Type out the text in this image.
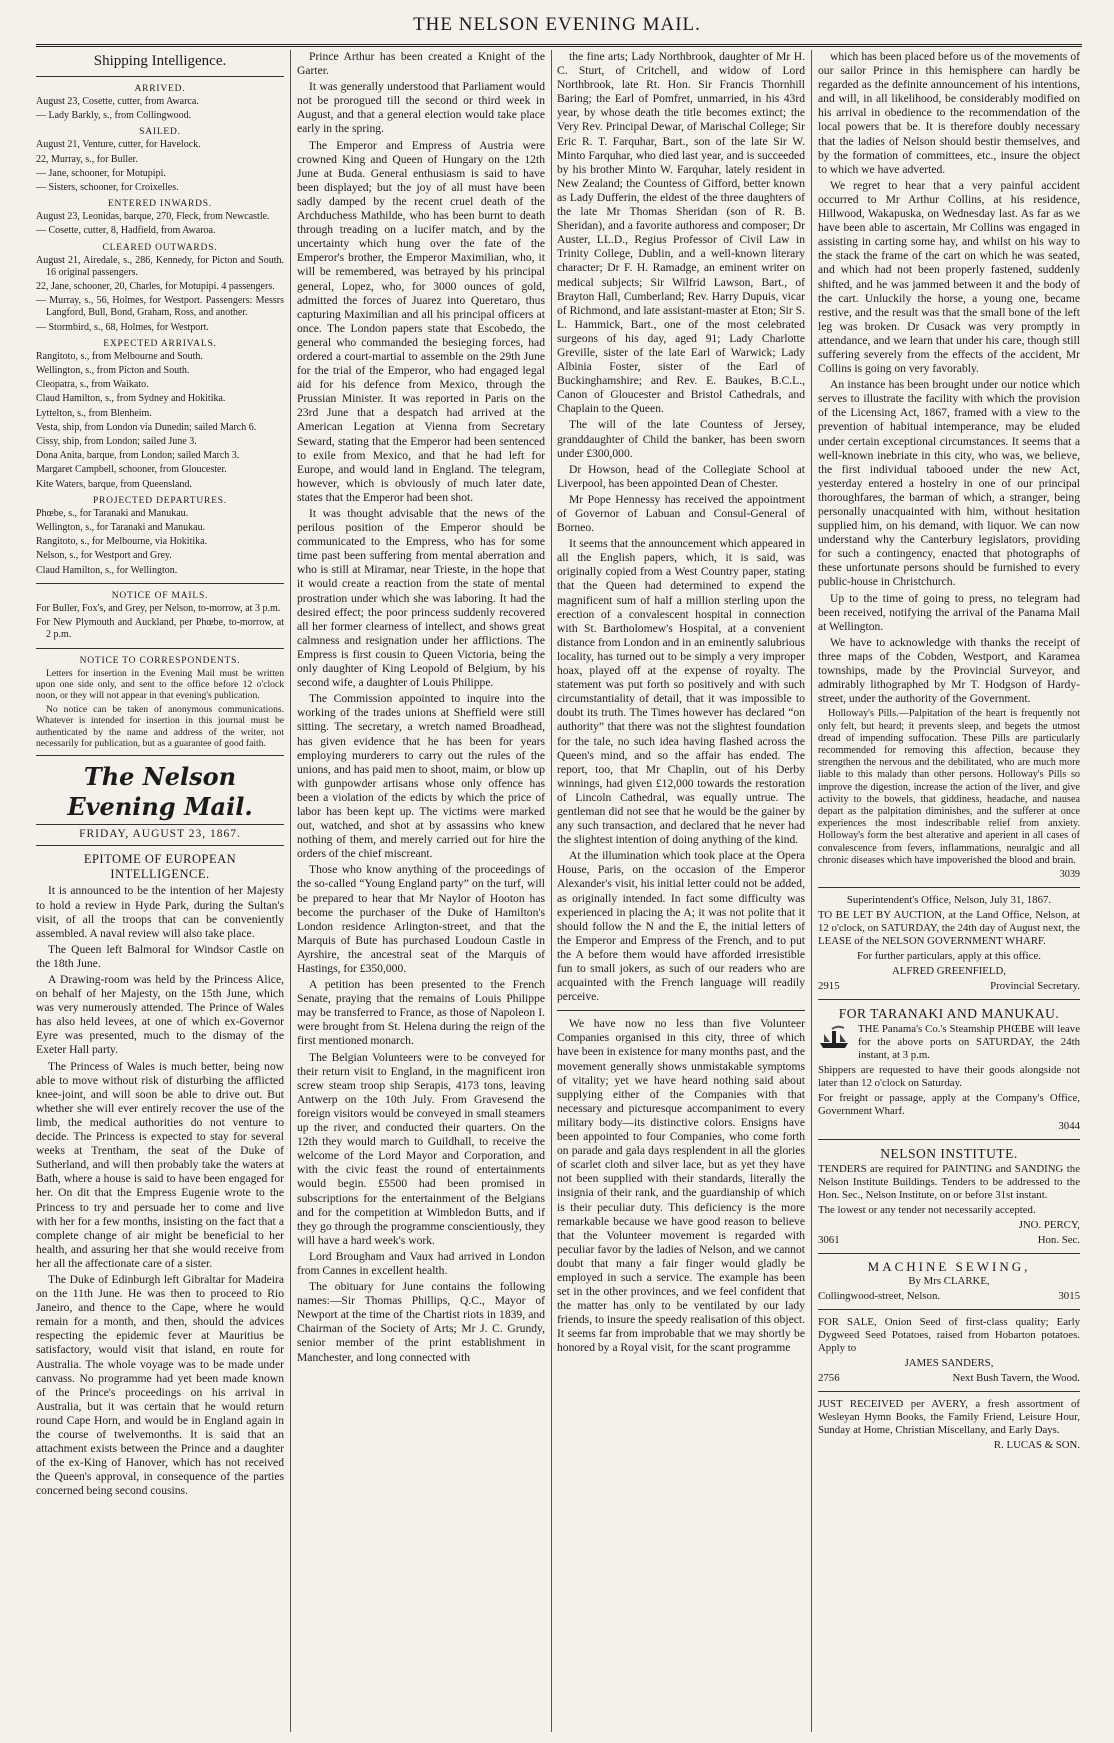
THE NELSON EVENING MAIL.
Shipping Intelligence.
ARRIVED.

August 23, Cosette, cutter, from Awarca.

— Lady Barkly, s., from Collingwood.

SAILED.

August 21, Venture, cutter, for Havelock.

22, Murray, s., for Buller.

— Jane, schooner, for Motupipi.

— Sisters, schooner, for Croixelles.

ENTERED INWARDS.

August 23, Leonidas, barque, 270, Fleck, from Newcastle.

— Cosette, cutter, 8, Hadfield, from Awaroa.

CLEARED OUTWARDS.

August 21, Airedale, s., 286, Kennedy, for Picton and South. 16 original passengers.

22, Jane, schooner, 20, Charles, for Motupipi. 4 passengers.

— Murray, s., 56, Holmes, for Westport. Passengers: Messrs Langford, Bull, Bond, Graham, Ross, and another.

— Stormbird, s., 68, Holmes, for Westport.

EXPECTED ARRIVALS.

Rangitoto, s., from Melbourne and South.

Wellington, s., from Picton and South.

Cleopatra, s., from Waikato.

Claud Hamilton, s., from Sydney and Hokitika.

Lyttelton, s., from Blenheim.

Vesta, ship, from London via Dunedin; sailed March 6.

Cissy, ship, from London; sailed June 3.

Dona Anita, barque, from London; sailed March 3.

Margaret Campbell, schooner, from Gloucester.

Kite Waters, barque, from Queensland.

PROJECTED DEPARTURES.

Phœbe, s., for Taranaki and Manukau.

Wellington, s., for Taranaki and Manukau.

Rangitoto, s., for Melbourne, via Hokitika.

Nelson, s., for Westport and Grey.

Claud Hamilton, s., for Wellington.

NOTICE OF MAILS.

For Buller, Fox's, and Grey, per Nelson, to-morrow, at 3 p.m.

For New Plymouth and Auckland, per Phœbe, to-morrow, at 2 p.m.

NOTICE TO CORRESPONDENTS.

Letters for insertion in the Evening Mail must be written upon one side only, and sent to the office before 12 o'clock noon, or they will not appear in that evening's publication.

No notice can be taken of anonymous communications. Whatever is intended for insertion in this journal must be authenticated by the name and address of the writer, not necessarily for publication, but as a guarantee of good faith.

The Nelson Evening Mail.
FRIDAY, AUGUST 23, 1867.
EPITOME OF EUROPEAN INTELLIGENCE.

It is announced to be the intention of her Majesty to hold a review in Hyde Park, during the Sultan's visit, of all the troops that can be conveniently assembled. A naval review will also take place.

The Queen left Balmoral for Windsor Castle on the 18th June.

A Drawing-room was held by the Princess Alice, on behalf of her Majesty, on the 15th June, which was very numerously attended. The Prince of Wales has also held levees, at one of which ex-Governor Eyre was presented, much to the dismay of the Exeter Hall party.

The Princess of Wales is much better, being now able to move without risk of disturbing the afflicted knee-joint, and will soon be able to drive out. But whether she will ever entirely recover the use of the limb, the medical authorities do not venture to decide. The Princess is expected to stay for several weeks at Trentham, the seat of the Duke of Sutherland, and will then probably take the waters at Bath, where a house is said to have been engaged for her. On dit that the Empress Eugenie wrote to the Princess to try and persuade her to come and live with her for a few months, insisting on the fact that a complete change of air might be beneficial to her health, and assuring her that she would receive from her all the affectionate care of a sister.

The Duke of Edinburgh left Gibraltar for Madeira on the 11th June. He was then to proceed to Rio Janeiro, and thence to the Cape, where he would remain for a month, and then, should the advices respecting the epidemic fever at Mauritius be satisfactory, would visit that island, en route for Australia. The whole voyage was to be made under canvass. No programme had yet been made known of the Prince's proceedings on his arrival in Australia, but it was certain that he would return round Cape Horn, and would be in England again in the course of twelvemonths. It is said that an attachment exists between the Prince and a daughter of the ex-King of Hanover, which has not received the Queen's approval, in consequence of the parties concerned being second cousins.

Prince Arthur has been created a Knight of the Garter.

It was generally understood that Parliament would not be prorogued till the second or third week in August, and that a general election would take place early in the spring.

The Emperor and Empress of Austria were crowned King and Queen of Hungary on the 12th June at Buda. General enthusiasm is said to have been displayed; but the joy of all must have been sadly damped by the recent cruel death of the Archduchess Mathilde, who has been burnt to death through treading on a lucifer match, and by the uncertainty which hung over the fate of the Emperor's brother, the Emperor Maximilian, who, it will be remembered, was betrayed by his principal general, Lopez, who, for 3000 ounces of gold, admitted the forces of Juarez into Queretaro, thus capturing Maximilian and all his principal officers at once. The London papers state that Escobedo, the general who commanded the besieging forces, had ordered a court-martial to assemble on the 29th June for the trial of the Emperor, who had engaged legal aid for his defence from Mexico, through the Prussian Minister. It was reported in Paris on the 23rd June that a despatch had arrived at the American Legation at Vienna from Secretary Seward, stating that the Emperor had been sentenced to exile from Mexico, and that he had left for Europe, and would land in England. The telegram, however, which is obviously of much later date, states that the Emperor had been shot.

It was thought advisable that the news of the perilous position of the Emperor should be communicated to the Empress, who has for some time past been suffering from mental aberration and who is still at Miramar, near Trieste, in the hope that it would create a reaction from the state of mental prostration under which she was laboring. It had the desired effect; the poor princess suddenly recovered all her former clearness of intellect, and shows great calmness and resignation under her afflictions. The Empress is first cousin to Queen Victoria, being the only daughter of King Leopold of Belgium, by his second wife, a daughter of Louis Philippe.

The Commission appointed to inquire into the working of the trades unions at Sheffield were still sitting. The secretary, a wretch named Broadhead, has given evidence that he has been for years employing murderers to carry out the rules of the unions, and has paid men to shoot, maim, or blow up with gunpowder artisans whose only offence has been a violation of the edicts by which the price of labor has been kept up. The victims were marked out, watched, and shot at by assassins who knew nothing of them, and merely carried out for hire the orders of the chief miscreant.

Those who know anything of the proceedings of the so-called “Young England party” on the turf, will be prepared to hear that Mr Naylor of Hooton has become the purchaser of the Duke of Hamilton's London residence Arlington-street, and that the Marquis of Bute has purchased Loudoun Castle in Ayrshire, the ancestral seat of the Marquis of Hastings, for £350,000.

A petition has been presented to the French Senate, praying that the remains of Louis Philippe may be transferred to France, as those of Napoleon I. were brought from St. Helena during the reign of the first mentioned monarch.

The Belgian Volunteers were to be conveyed for their return visit to England, in the magnificent iron screw steam troop ship Serapis, 4173 tons, leaving Antwerp on the 10th July. From Gravesend the foreign visitors would be conveyed in small steamers up the river, and conducted their quarters. On the 12th they would march to Guildhall, to receive the welcome of the Lord Mayor and Corporation, and with the civic feast the round of entertainments would begin. £5500 had been promised in subscriptions for the entertainment of the Belgians and for the competition at Wimbledon Butts, and if they go through the programme conscientiously, they will have a hard week's work.

Lord Brougham and Vaux had arrived in London from Cannes in excellent health.

The obituary for June contains the following names:—Sir Thomas Phillips, Q.C., Mayor of Newport at the time of the Chartist riots in 1839, and Chairman of the Society of Arts; Mr J. C. Grundy, senior member of the print establishment in Manchester, and long connected with

the fine arts; Lady Northbrook, daughter of Mr H. C. Sturt, of Critchell, and widow of Lord Northbrook, late Rt. Hon. Sir Francis Thornhill Baring; the Earl of Pomfret, unmarried, in his 43rd year, by whose death the title becomes extinct; the Very Rev. Principal Dewar, of Marischal College; Sir Eric R. T. Farquhar, Bart., son of the late Sir W. Minto Farquhar, who died last year, and is succeeded by his brother Minto W. Farquhar, lately resident in New Zealand; the Countess of Gifford, better known as Lady Dufferin, the eldest of the three daughters of the late Mr Thomas Sheridan (son of R. B. Sheridan), and a favorite authoress and composer; Dr Auster, LL.D., Regius Professor of Civil Law in Trinity College, Dublin, and a well-known literary character; Dr F. H. Ramadge, an eminent writer on medical subjects; Sir Wilfrid Lawson, Bart., of Brayton Hall, Cumberland; Rev. Harry Dupuis, vicar of Richmond, and late assistant-master at Eton; Sir S. L. Hammick, Bart., one of the most celebrated surgeons of his day, aged 91; Lady Charlotte Greville, sister of the late Earl of Warwick; Lady Albinia Foster, sister of the Earl of Buckinghamshire; and Rev. E. Baukes, B.C.L., Canon of Gloucester and Bristol Cathedrals, and Chaplain to the Queen.

The will of the late Countess of Jersey, granddaughter of Child the banker, has been sworn under £300,000.

Dr Howson, head of the Collegiate School at Liverpool, has been appointed Dean of Chester.

Mr Pope Hennessy has received the appointment of Governor of Labuan and Consul-General of Borneo.

It seems that the announcement which appeared in all the English papers, which, it is said, was originally copied from a West Country paper, stating that the Queen had determined to expend the magnificent sum of half a million sterling upon the erection of a convalescent hospital in connection with St. Bartholomew's Hospital, at a convenient distance from London and in an eminently salubrious locality, has turned out to be simply a very improper hoax, played off at the expense of royalty. The statement was put forth so positively and with such circumstantiality of detail, that it was impossible to doubt its truth. The Times however has declared “on authority” that there was not the slightest foundation for the tale, no such idea having flashed across the Queen's mind, and so the affair has ended. The report, too, that Mr Chaplin, out of his Derby winnings, had given £12,000 towards the restoration of Lincoln Cathedral, was equally untrue. The gentleman did not see that he would be the gainer by any such transaction, and declared that he never had the slightest intention of doing anything of the kind.

At the illumination which took place at the Opera House, Paris, on the occasion of the Emperor Alexander's visit, his initial letter could not be added, as originally intended. In fact some difficulty was experienced in placing the A; it was not polite that it should follow the N and the E, the initial letters of the Emperor and Empress of the French, and to put the A before them would have afforded irresistible fun to small jokers, as such of our readers who are acquainted with the French language will readily perceive.

We have now no less than five Volunteer Companies organised in this city, three of which have been in existence for many months past, and the movement generally shows unmistakable symptoms of vitality; yet we have heard nothing said about supplying either of the Companies with that necessary and picturesque accompaniment to every military body—its distinctive colors. Ensigns have been appointed to four Companies, who come forth on parade and gala days resplendent in all the glories of scarlet cloth and silver lace, but as yet they have not been supplied with their standards, literally the insignia of their rank, and the guardianship of which is their peculiar duty. This deficiency is the more remarkable because we have good reason to believe that the Volunteer movement is regarded with peculiar favor by the ladies of Nelson, and we cannot doubt that many a fair finger would gladly be employed in such a service. The example has been set in the other provinces, and we feel confident that the matter has only to be ventilated by our lady friends, to insure the speedy realisation of this object. It seems far from improbable that we may shortly be honored by a Royal visit, for the scant programme

which has been placed before us of the movements of our sailor Prince in this hemisphere can hardly be regarded as the definite announcement of his intentions, and will, in all likelihood, be considerably modified on his arrival in obedience to the recommendation of the local powers that be. It is therefore doubly necessary that the ladies of Nelson should bestir themselves, and by the formation of committees, etc., insure the object to which we have adverted.

We regret to hear that a very painful accident occurred to Mr Arthur Collins, at his residence, Hillwood, Wakapuska, on Wednesday last. As far as we have been able to ascertain, Mr Collins was engaged in assisting in carting some hay, and whilst on his way to the stack the frame of the cart on which he was seated, and which had not been properly fastened, suddenly shifted, and he was jammed between it and the body of the cart. Unluckily the horse, a young one, became restive, and the result was that the small bone of the left leg was broken. Dr Cusack was very promptly in attendance, and we learn that under his care, though still suffering severely from the effects of the accident, Mr Collins is going on very favorably.

An instance has been brought under our notice which serves to illustrate the facility with which the provision of the Licensing Act, 1867, framed with a view to the prevention of habitual intemperance, may be eluded under certain exceptional circumstances. It seems that a well-known inebriate in this city, who was, we believe, the first individual tabooed under the new Act, yesterday entered a hostelry in one of our principal thoroughfares, the barman of which, a stranger, being personally unacquainted with him, without hesitation supplied him, on his demand, with liquor. We can now understand why the Canterbury legislators, providing for such a contingency, enacted that photographs of these unfortunate persons should be furnished to every public-house in Christchurch.

Up to the time of going to press, no telegram had been received, notifying the arrival of the Panama Mail at Wellington.

We have to acknowledge with thanks the receipt of three maps of the Cobden, Westport, and Karamea townships, made by the Provincial Surveyor, and admirably lithographed by Mr T. Hodgson of Hardy-street, under the authority of the Government.

Holloway's Pills.—Palpitation of the heart is frequently not only felt, but heard; it prevents sleep, and begets the utmost dread of impending suffocation. These Pills are particularly recommended for removing this affection, because they strengthen the nervous and the debilitated, who are much more liable to this malady than other persons. Holloway's Pills so improve the digestion, increase the action of the liver, and give activity to the bowels, that giddiness, headache, and nausea depart as the palpitation diminishes, and the sufferer at once experiences the most indescribable relief from anxiety. Holloway's form the best alterative and aperient in all cases of convalescence from fevers, inflammations, neuralgic and all chronic diseases which have impoverished the blood and brain.

3039

Superintendent's Office, Nelson, July 31, 1867.

TO BE LET BY AUCTION, at the Land Office, Nelson, at 12 o'clock, on SATURDAY, the 24th day of August next, the LEASE of the NELSON GOVERNMENT WHARF.

For further particulars, apply at this office.

ALFRED GREENFIELD,

2915	Provincial Secretary.
FOR TARANAKI AND MANUKAU.

THE Panama's Co.'s Steamship PHŒBE will leave for the above ports on SATURDAY, the 24th instant, at 3 p.m.

Shippers are requested to have their goods alongside not later than 12 o'clock on Saturday.

For freight or passage, apply at the Company's Office, Government Wharf.

3044

NELSON INSTITUTE.

TENDERS are required for PAINTING and SANDING the Nelson Institute Buildings. Tenders to be addressed to the Hon. Sec., Nelson Institute, on or before 31st instant.

The lowest or any tender not necessarily accepted.

JNO. PERCY,

3061	Hon. Sec.

MACHINE SEWING,

By Mrs CLARKE,

Collingwood-street, Nelson.	3015

FOR SALE, Onion Seed of first-class quality; Early Dygweed Seed Potatoes, raised from Hobarton potatoes. Apply to

JAMES SANDERS,

2756	Next Bush Tavern, the Wood.

JUST RECEIVED per AVERY, a fresh assortment of Wesleyan Hymn Books, the Family Friend, Leisure Hour, Sunday at Home, Christian Miscellany, and Early Days.

R. LUCAS & SON.
